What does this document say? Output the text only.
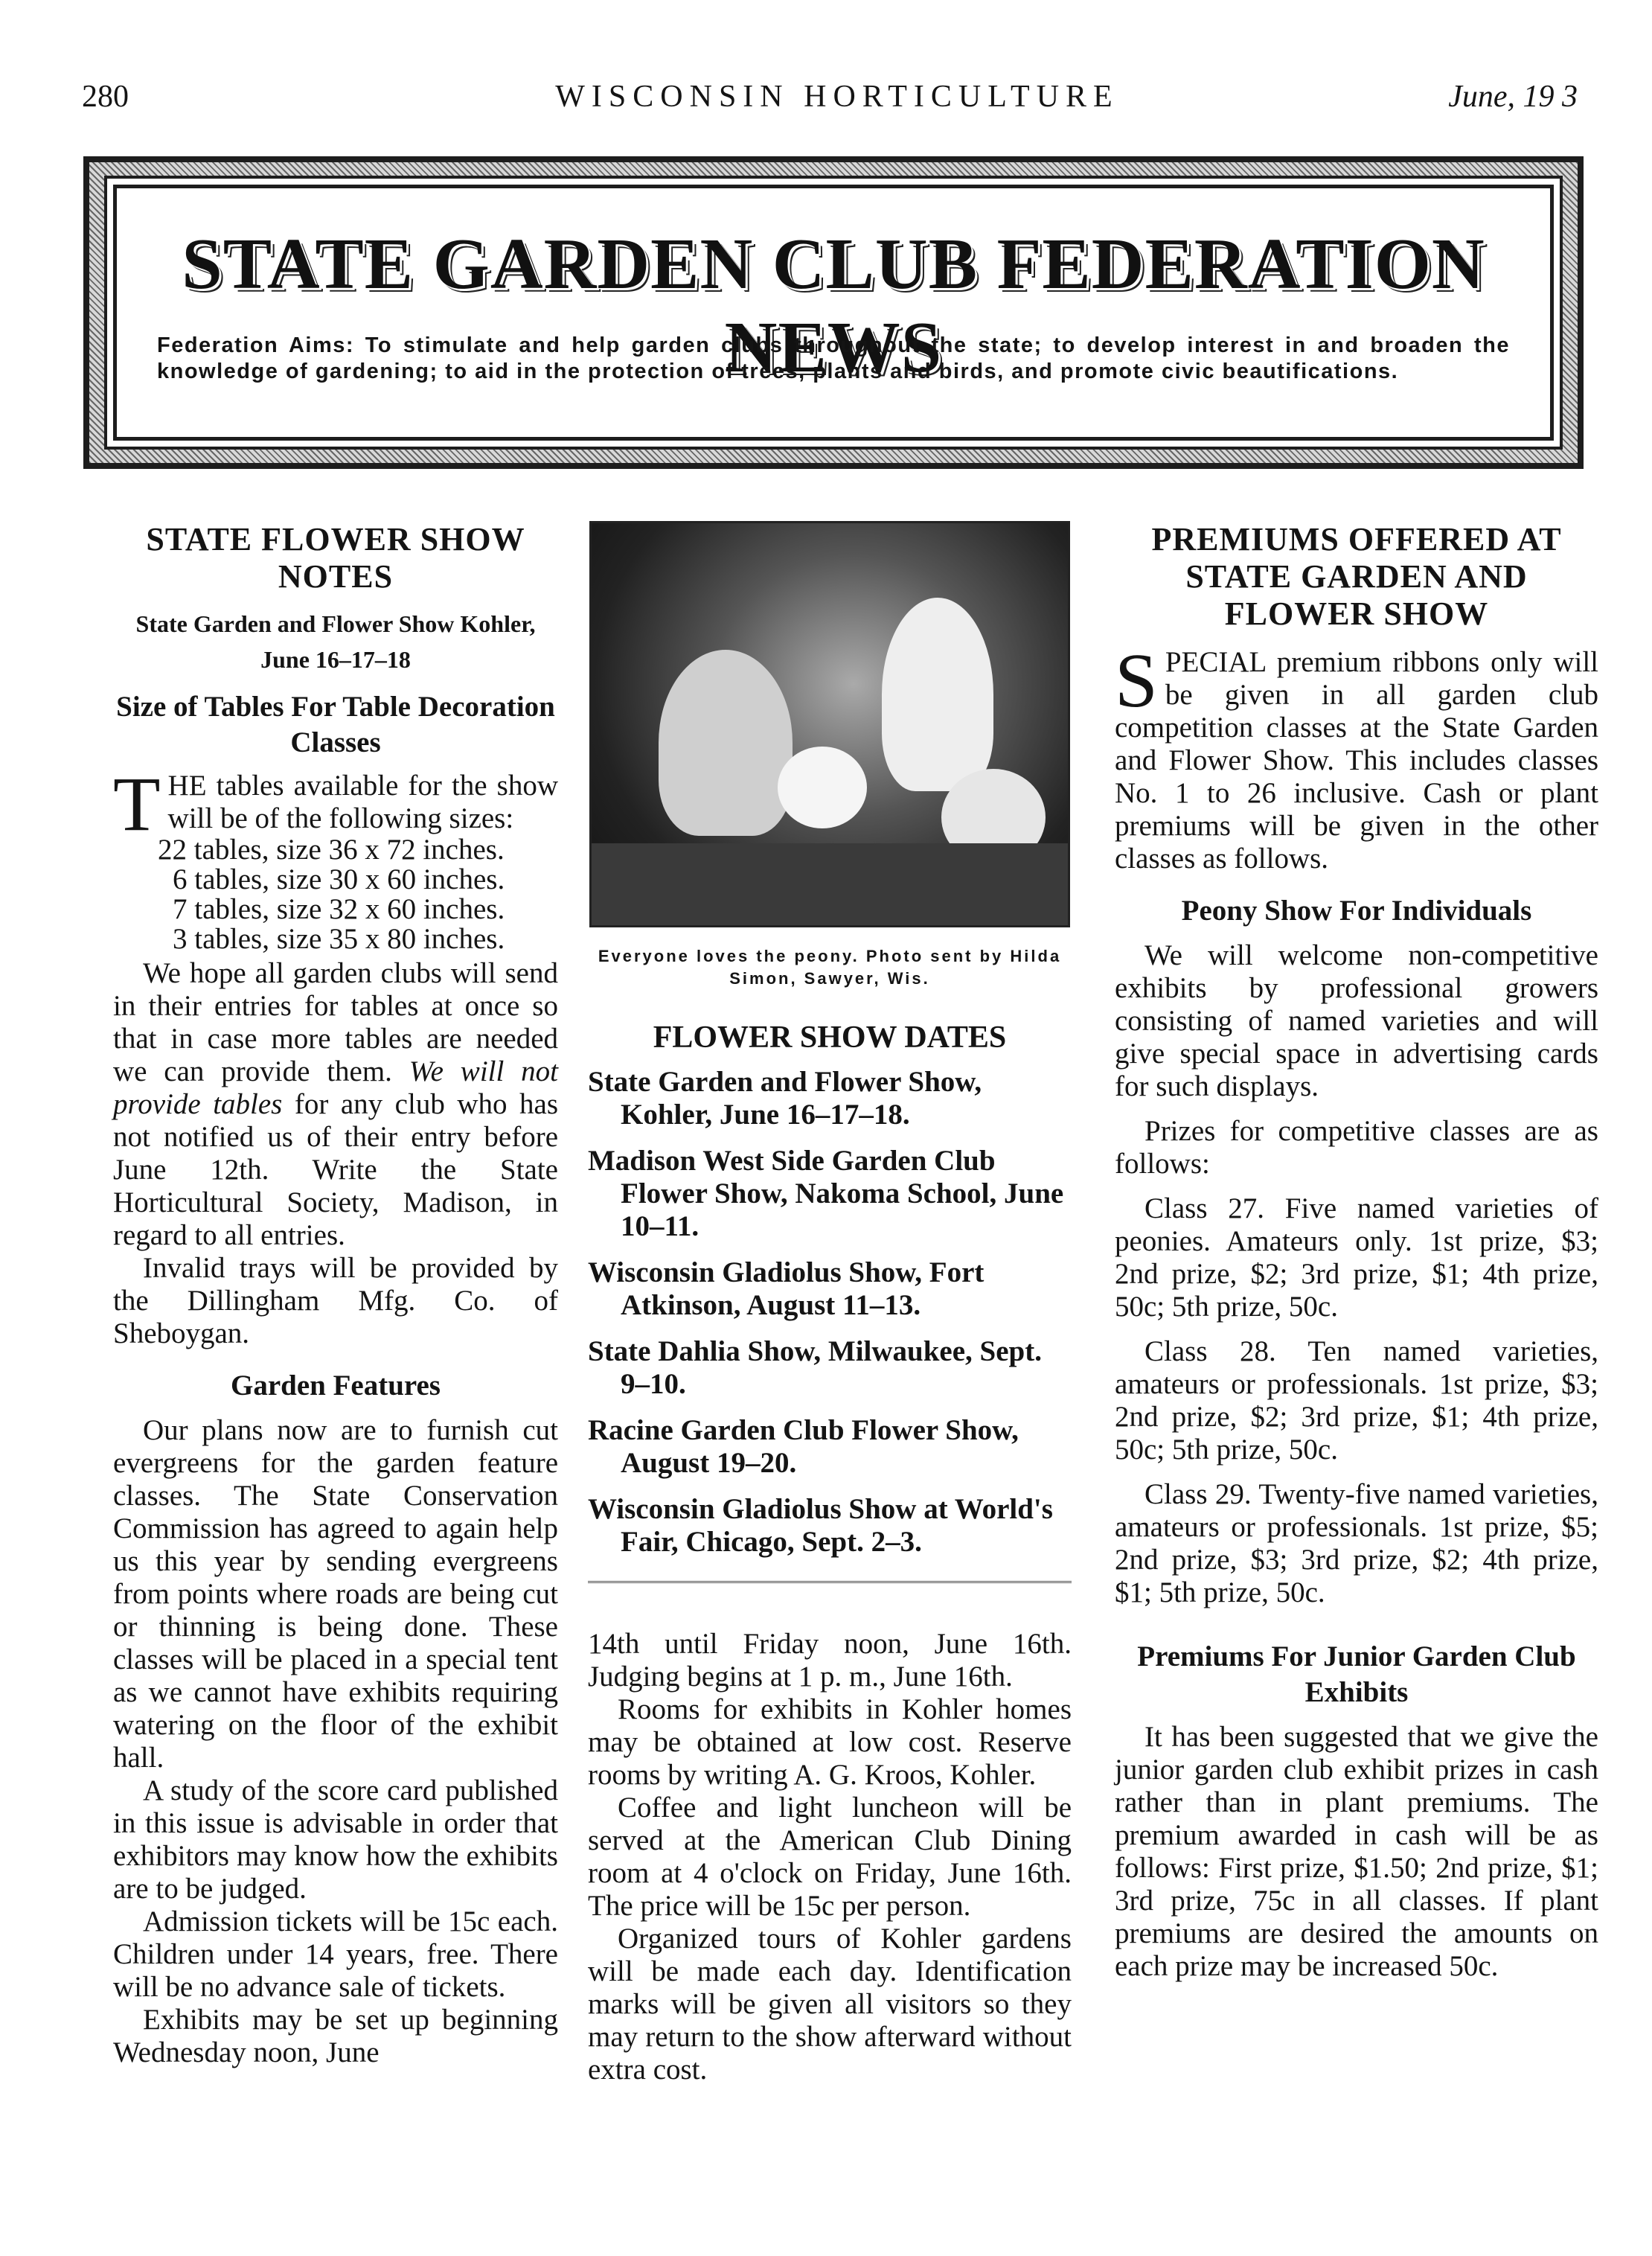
280	WISCONSIN HORTICULTURE	June, 19 3
STATE GARDEN CLUB FEDERATION NEWS
Federation Aims: To stimulate and help garden clubs throughout the state; to develop interest in and broaden the knowledge of gardening; to aid in the protection of trees, plants and birds, and promote civic beautifications.
STATE FLOWER SHOW NOTES
State Garden and Flower Show Kohler, June 16–17–18
Size of Tables For Table Decoration Classes

THE tables available for the show will be of the following sizes:

22 tables, size 36 x 72 inches.
6 tables, size 30 x 60 inches.
7 tables, size 32 x 60 inches.
3 tables, size 35 x 80 inches.

We hope all garden clubs will send in their entries for tables at once so that in case more tables are needed we can provide them. We will not provide tables for any club who has not notified us of their entry before June 12th. Write the State Horticultural Society, Madison, in regard to all entries.

Invalid trays will be provided by the Dillingham Mfg. Co. of Sheboygan.

Garden Features

Our plans now are to furnish cut evergreens for the garden feature classes. The State Conservation Commission has agreed to again help us this year by sending evergreens from points where roads are being cut or thinning is being done. These classes will be placed in a special tent as we cannot have exhibits requiring watering on the floor of the exhibit hall.

A study of the score card published in this issue is advisable in order that exhibitors may know how the exhibits are to be judged.

Admission tickets will be 15c each. Children under 14 years, free. There will be no advance sale of tickets.

Exhibits may be set up beginning Wednesday noon, June

Everyone loves the peony. Photo sent by Hilda Simon, Sawyer, Wis.
FLOWER SHOW DATES
State Garden and Flower Show, Kohler, June 16–17–18.
Madison West Side Garden Club Flower Show, Nakoma School, June 10–11.
Wisconsin Gladiolus Show, Fort Atkinson, August 11–13.
State Dahlia Show, Milwaukee, Sept. 9–10.
Racine Garden Club Flower Show, August 19–20.
Wisconsin Gladiolus Show at World's Fair, Chicago, Sept. 2–3.

14th until Friday noon, June 16th. Judging begins at 1 p. m., June 16th.

Rooms for exhibits in Kohler homes may be obtained at low cost. Reserve rooms by writing A. G. Kroos, Kohler.

Coffee and light luncheon will be served at the American Club Dining room at 4 o'clock on Friday, June 16th. The price will be 15c per person.

Organized tours of Kohler gardens will be made each day. Identification marks will be given all visitors so they may return to the show afterward without extra cost.

PREMIUMS OFFERED AT STATE GARDEN AND FLOWER SHOW

SPECIAL premium ribbons only will be given in all garden club competition classes at the State Garden and Flower Show. This includes classes No. 1 to 26 inclusive. Cash or plant premiums will be given in the other classes as follows.

Peony Show For Individuals

We will welcome non-competitive exhibits by professional growers consisting of named varieties and will give special space in advertising cards for such displays.

Prizes for competitive classes are as follows:

Class 27. Five named varieties of peonies. Amateurs only. 1st prize, $3; 2nd prize, $2; 3rd prize, $1; 4th prize, 50c; 5th prize, 50c.

Class 28. Ten named varieties, amateurs or professionals. 1st prize, $3; 2nd prize, $2; 3rd prize, $1; 4th prize, 50c; 5th prize, 50c.

Class 29. Twenty-five named varieties, amateurs or professionals. 1st prize, $5; 2nd prize, $3; 3rd prize, $2; 4th prize, $1; 5th prize, 50c.

Premiums For Junior Garden Club Exhibits

It has been suggested that we give the junior garden club exhibit prizes in cash rather than in plant premiums. The premium awarded in cash will be as follows: First prize, $1.50; 2nd prize, $1; 3rd prize, 75c in all classes. If plant premiums are desired the amounts on each prize may be increased 50c.
